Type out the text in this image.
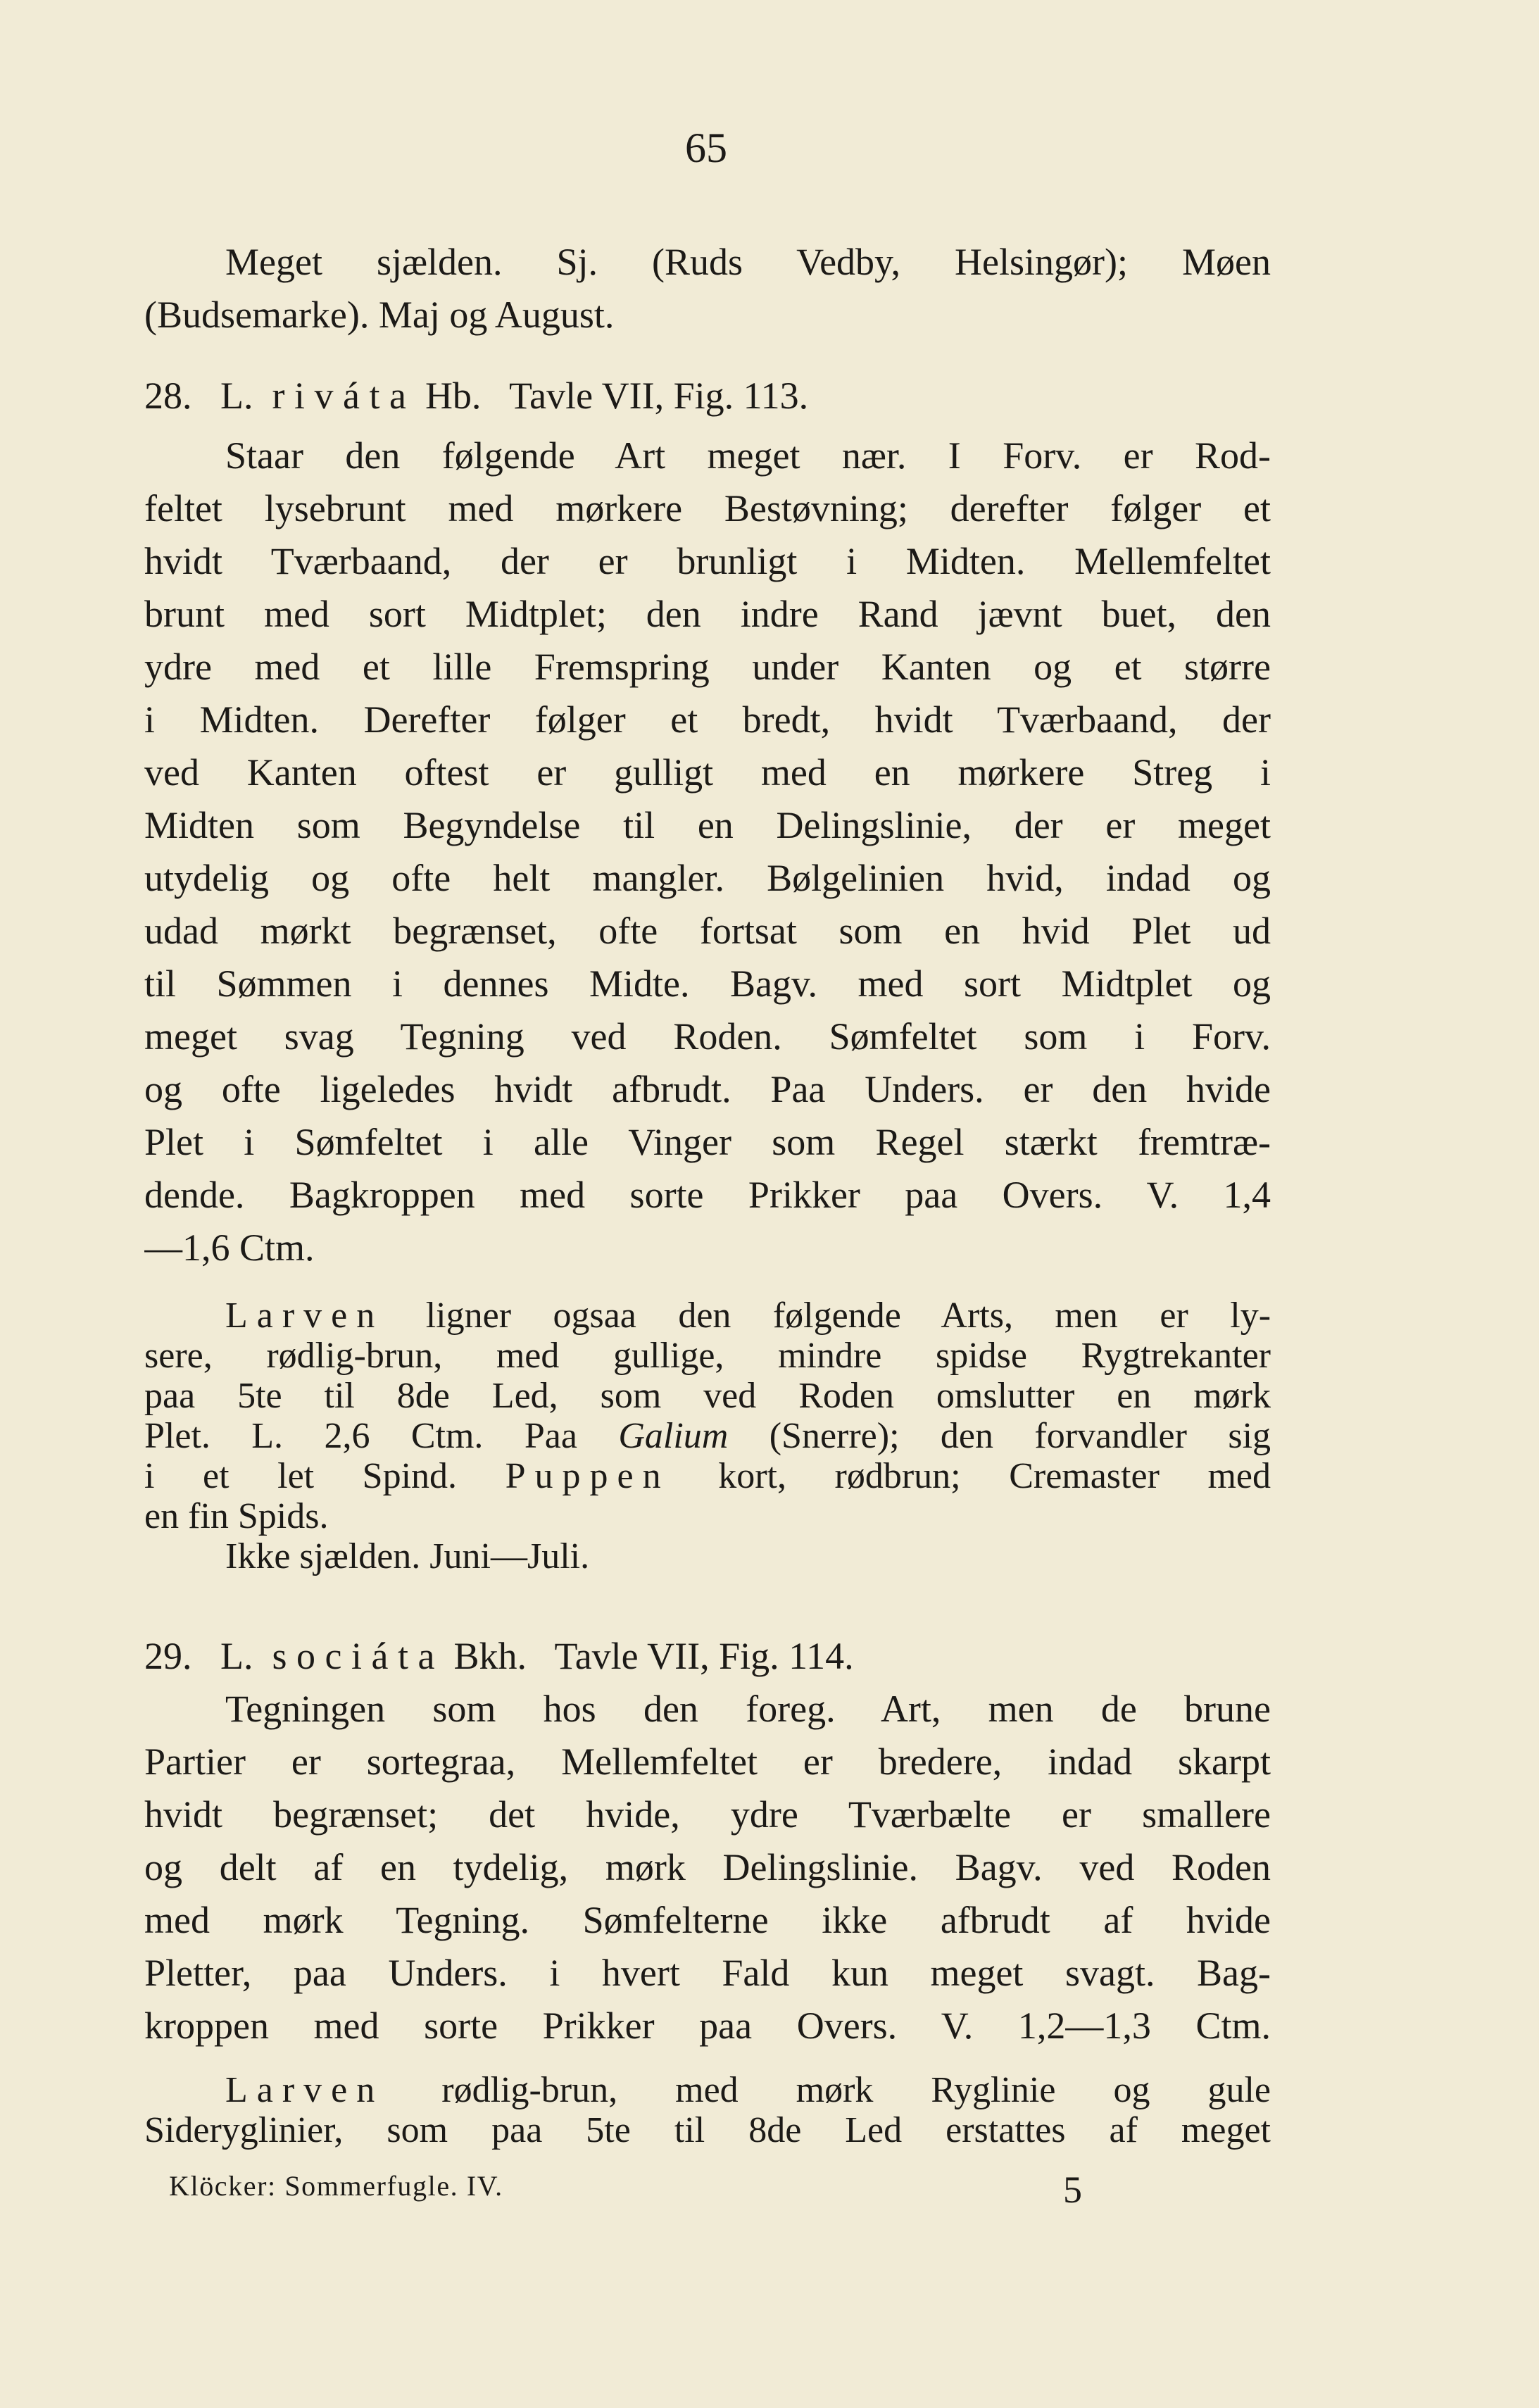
65
Meget sjælden. Sj. (Ruds Vedby, Helsingør); Møen
(Budsemarke). Maj og August.
28. L. riváta Hb. Tavle VII, Fig. 113.
Staar den følgende Art meget nær. I Forv. er Rod-
feltet lysebrunt med mørkere Bestøvning; derefter følger et
hvidt Tværbaand, der er brunligt i Midten. Mellemfeltet
brunt med sort Midtplet; den indre Rand jævnt buet, den
ydre med et lille Fremspring under Kanten og et større
i Midten. Derefter følger et bredt, hvidt Tværbaand, der
ved Kanten oftest er gulligt med en mørkere Streg i
Midten som Begyndelse til en Delingslinie, der er meget
utydelig og ofte helt mangler. Bølgelinien hvid, indad og
udad mørkt begrænset, ofte fortsat som en hvid Plet ud
til Sømmen i dennes Midte. Bagv. med sort Midtplet og
meget svag Tegning ved Roden. Sømfeltet som i Forv.
og ofte ligeledes hvidt afbrudt. Paa Unders. er den hvide
Plet i Sømfeltet i alle Vinger som Regel stærkt fremtræ-
dende. Bagkroppen med sorte Prikker paa Overs. V. 1,4
—1,6 Ctm.
Larven ligner ogsaa den følgende Arts, men er ly-
sere, rødlig-brun, med gullige, mindre spidse Rygtrekanter
paa 5te til 8de Led, som ved Roden omslutter en mørk
Plet. L. 2,6 Ctm. Paa Galium (Snerre); den forvandler sig
i et let Spind. Puppen kort, rødbrun; Cremaster med
en fin Spids.
Ikke sjælden. Juni—Juli.
29. L. sociáta Bkh. Tavle VII, Fig. 114.
Tegningen som hos den foreg. Art, men de brune
Partier er sortegraa, Mellemfeltet er bredere, indad skarpt
hvidt begrænset; det hvide, ydre Tværbælte er smallere
og delt af en tydelig, mørk Delingslinie. Bagv. ved Roden
med mørk Tegning. Sømfelterne ikke afbrudt af hvide
Pletter, paa Unders. i hvert Fald kun meget svagt. Bag-
kroppen med sorte Prikker paa Overs. V. 1,2—1,3 Ctm.
Larven rødlig-brun, med mørk Ryglinie og gule
Sideryglinier, som paa 5te til 8de Led erstattes af meget
Klöcker: Sommerfugle. IV.	5
